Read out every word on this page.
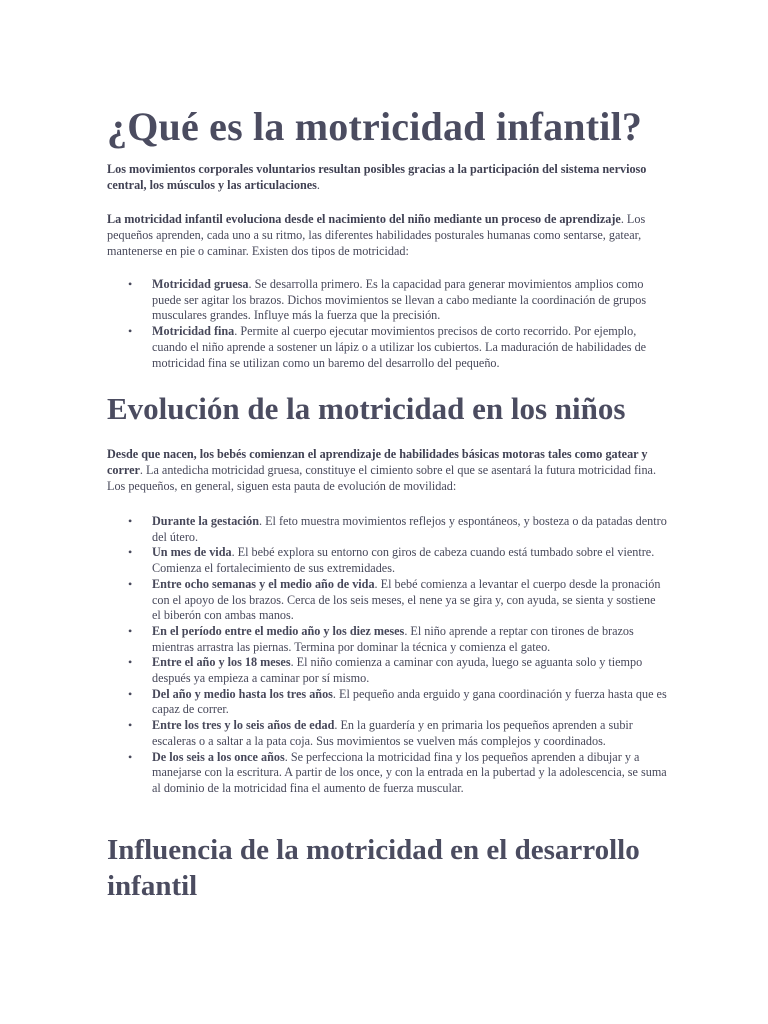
¿Qué es la motricidad infantil?

Los movimientos corporales voluntarios resultan posibles gracias a la participación del sistema nervioso central, los músculos y las articulaciones.

La motricidad infantil evoluciona desde el nacimiento del niño mediante un proceso de aprendizaje. Los pequeños aprenden, cada uno a su ritmo, las diferentes habilidades posturales humanas como sentarse, gatear, mantenerse en pie o caminar. Existen dos tipos de motricidad:

• Motricidad gruesa. Se desarrolla primero. Es la capacidad para generar movimientos amplios como puede ser agitar los brazos. Dichos movimientos se llevan a cabo mediante la coordinación de grupos musculares grandes. Influye más la fuerza que la precisión.
• Motricidad fina. Permite al cuerpo ejecutar movimientos precisos de corto recorrido. Por ejemplo, cuando el niño aprende a sostener un lápiz o a utilizar los cubiertos. La maduración de habilidades de motricidad fina se utilizan como un baremo del desarrollo del pequeño.
Evolución de la motricidad en los niños

Desde que nacen, los bebés comienzan el aprendizaje de habilidades básicas motoras tales como gatear y correr. La antedicha motricidad gruesa, constituye el cimiento sobre el que se asentará la futura motricidad fina. Los pequeños, en general, siguen esta pauta de evolución de movilidad:

• Durante la gestación. El feto muestra movimientos reflejos y espontáneos, y bosteza o da patadas dentro del útero.
• Un mes de vida. El bebé explora su entorno con giros de cabeza cuando está tumbado sobre el vientre. Comienza el fortalecimiento de sus extremidades.
• Entre ocho semanas y el medio año de vida. El bebé comienza a levantar el cuerpo desde la pronación con el apoyo de los brazos. Cerca de los seis meses, el nene ya se gira y, con ayuda, se sienta y sostiene el biberón con ambas manos.
• En el período entre el medio año y los diez meses. El niño aprende a reptar con tirones de brazos mientras arrastra las piernas. Termina por dominar la técnica y comienza el gateo.
• Entre el año y los 18 meses. El niño comienza a caminar con ayuda, luego se aguanta solo y tiempo después ya empieza a caminar por sí mismo.
• Del año y medio hasta los tres años. El pequeño anda erguido y gana coordinación y fuerza hasta que es capaz de correr.
• Entre los tres y lo seis años de edad. En la guardería y en primaria los pequeños aprenden a subir escaleras o a saltar a la pata coja. Sus movimientos se vuelven más complejos y coordinados.
• De los seis a los once años. Se perfecciona la motricidad fina y los pequeños aprenden a dibujar y a manejarse con la escritura. A partir de los once, y con la entrada en la pubertad y la adolescencia, se suma al dominio de la motricidad fina el aumento de fuerza muscular.
Influencia de la motricidad en el desarrollo infantil
